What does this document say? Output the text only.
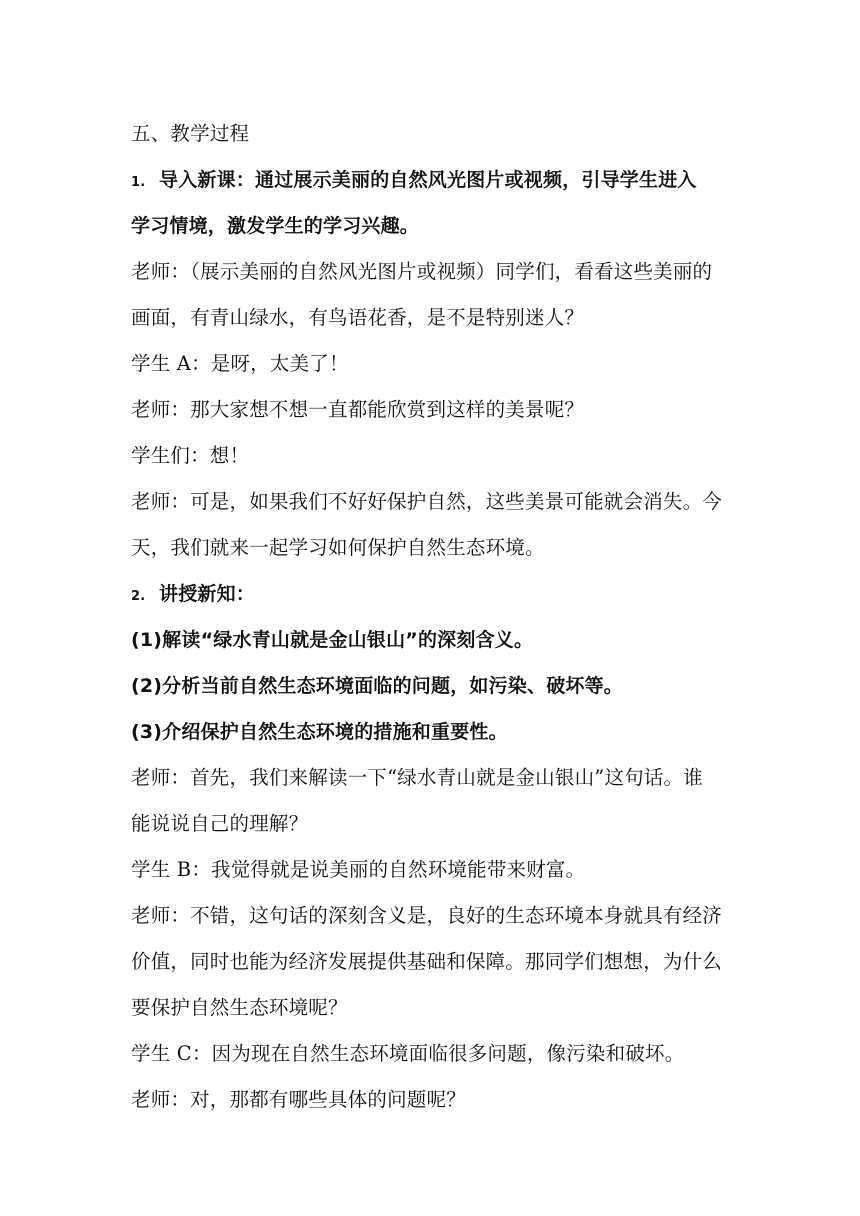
五、教学过程
1. 导入新课：通过展示美丽的自然风光图片或视频，引导学生进入
学习情境，激发学生的学习兴趣。
老师：（展示美丽的自然风光图片或视频）同学们，看看这些美丽的
画面，有青山绿水，有鸟语花香，是不是特别迷人？
学生 A：是呀，太美了！
老师：那大家想不想一直都能欣赏到这样的美景呢？
学生们：想！
老师：可是，如果我们不好好保护自然，这些美景可能就会消失。今
天，我们就来一起学习如何保护自然生态环境。
2. 讲授新知：
(1)解读“绿水青山就是金山银山”的深刻含义。
(2)分析当前自然生态环境面临的问题，如污染、破坏等。
(3)介绍保护自然生态环境的措施和重要性。
老师：首先，我们来解读一下“绿水青山就是金山银山”这句话。谁
能说说自己的理解？
学生 B：我觉得就是说美丽的自然环境能带来财富。
老师：不错，这句话的深刻含义是，良好的生态环境本身就具有经济
价值，同时也能为经济发展提供基础和保障。那同学们想想，为什么
要保护自然生态环境呢？
学生 C：因为现在自然生态环境面临很多问题，像污染和破坏。
老师：对，那都有哪些具体的问题呢？
